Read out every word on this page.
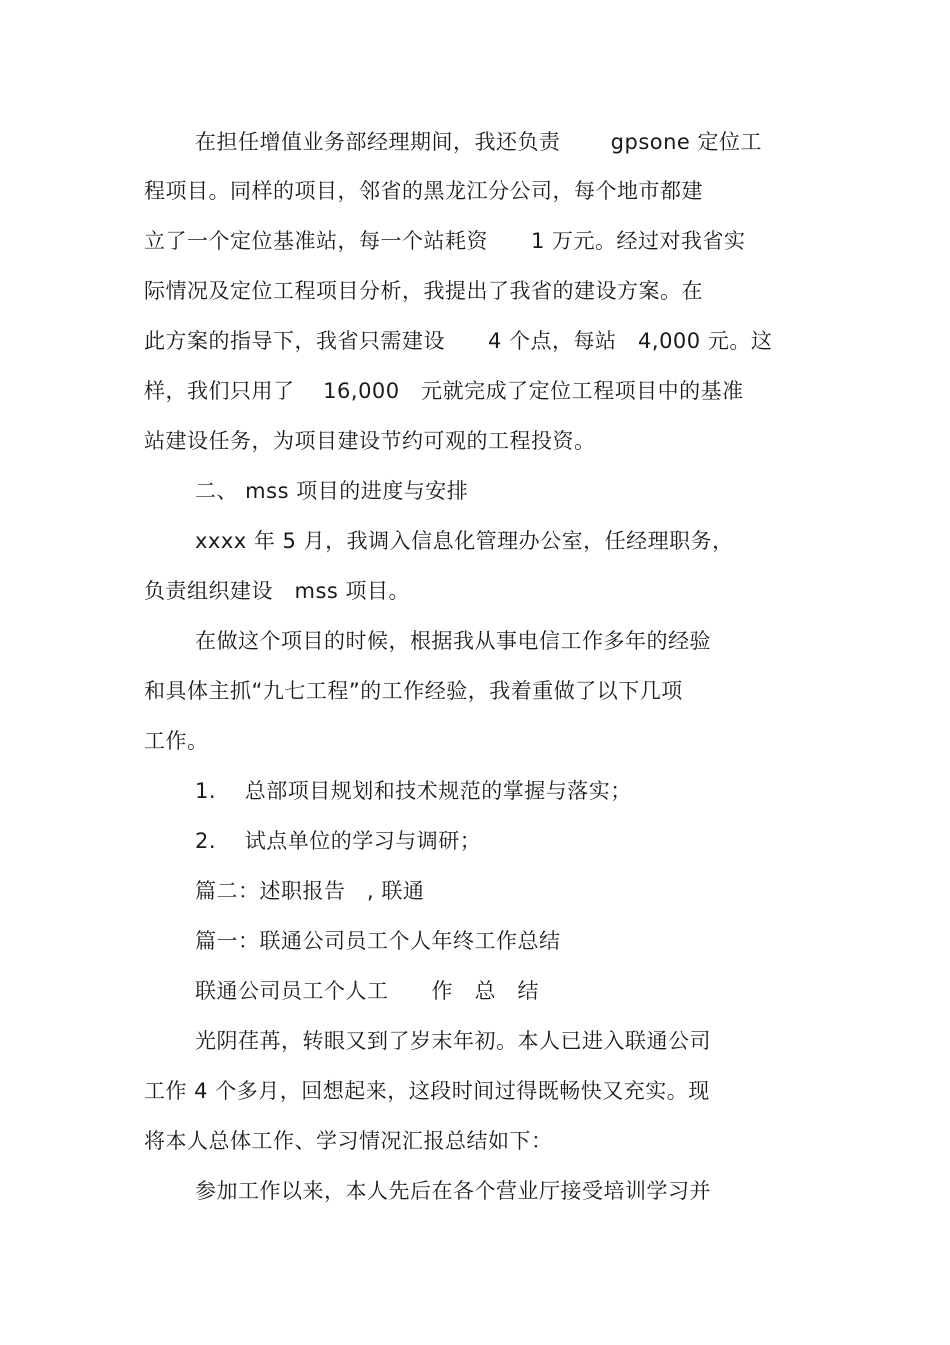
在担任增值业务部经理期间，我还负责　　 gpsone 定位工
程项目。同样的项目，邻省的黑龙江分公司，每个地市都建
立了一个定位基准站，每一个站耗资　　1 万元。经过对我省实
际情况及定位工程项目分析，我提出了我省的建设方案。在
此方案的指导下，我省只需建设　　4 个点，每站　4,000 元。这
样，我们只用了　 16,000　元就完成了定位工程项目中的基准
站建设任务，为项目建设节约可观的工程投资。
二、 mss 项目的进度与安排
xxxx 年 5 月，我调入信息化管理办公室，任经理职务，
负责组织建设　mss 项目。
在做这个项目的时候，根据我从事电信工作多年的经验
和具体主抓“九七工程”的工作经验，我着重做了以下几项
工作。
1.　 总部项目规划和技术规范的掌握与落实；
2.　 试点单位的学习与调研；
篇二：述职报告　, 联通
篇一：联通公司员工个人年终工作总结
联通公司员工个人工　　作　总　结
光阴荏苒，转眼又到了岁末年初。本人已进入联通公司
工作 4 个多月，回想起来，这段时间过得既畅快又充实。现
将本人总体工作、学习情况汇报总结如下：
参加工作以来，本人先后在各个营业厅接受培训学习并
